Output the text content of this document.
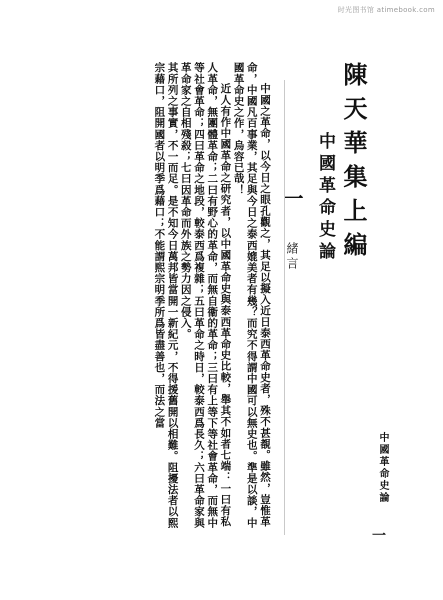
时光图书馆 atimebook.com
陳天華集上編
中國革命史論
一 緒言

中國之革命，以今日之眼孔觀之，其足以擬入近日泰西革命史者，殊不甚覩。雖然，豈惟革命，中國凡百事業，其足與今日之泰西媲美者有幾？而究不得謂中國可以無史也。準是以談，中國革命史之作，烏容已哉！

近人有作中國革命之研究者，以中國革命史與泰西革命史比較，舉其不如者七端：一曰有私人革命，無團體革命；二曰有野心的革命，而無自衞的革命；三曰有上等下等社會革命，而無中等社會革命；四曰革命之地段，較泰西爲複雜；五曰革命之時日，較泰西爲長久；六曰革命家與革命家之自相殘殺；七曰因革命而外族之勢力因之侵入。

其所列之事實，不一而足。是不知今日萬邦皆當開一新紀元，不得援舊開以相難。阻擾法者以熙宗藉口，阻開國者以明季爲藉口；不能謂熙宗明季所爲皆盡善也，而法之當

中國革命史論
一
